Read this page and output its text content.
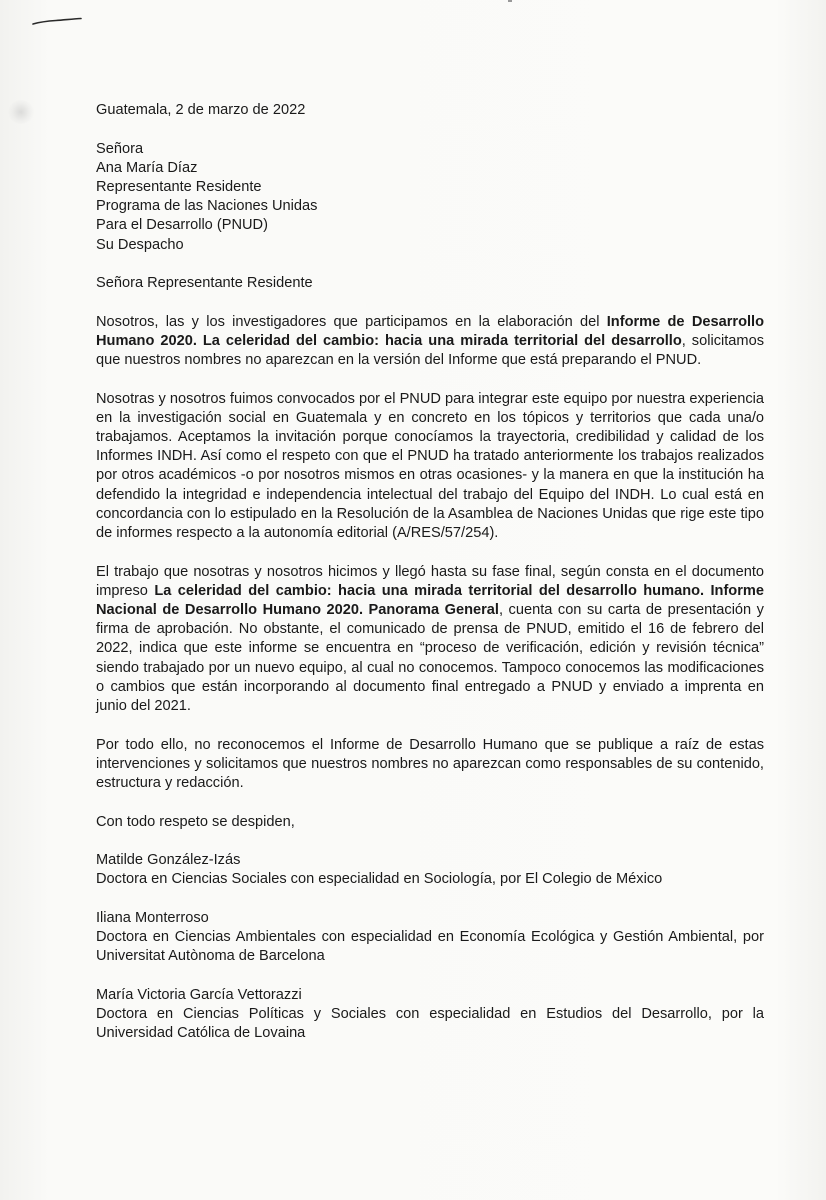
Guatemala, 2 de marzo de 2022
Señora
Ana María Díaz
Representante Residente
Programa de las Naciones Unidas
Para el Desarrollo (PNUD)
Su Despacho
Señora Representante Residente

Nosotros, las y los investigadores que participamos en la elaboración del Informe de Desarrollo Humano 2020. La celeridad del cambio: hacia una mirada territorial del desarrollo, solicitamos que nuestros nombres no aparezcan en la versión del Informe que está preparando el PNUD.

Nosotras y nosotros fuimos convocados por el PNUD para integrar este equipo por nuestra experiencia en la investigación social en Guatemala y en concreto en los tópicos y territorios que cada una/o trabajamos. Aceptamos la invitación porque conocíamos la trayectoria, credibilidad y calidad de los Informes INDH. Así como el respeto con que el PNUD ha tratado anteriormente los trabajos realizados por otros académicos -o por nosotros mismos en otras ocasiones- y la manera en que la institución ha defendido la integridad e independencia intelectual del trabajo del Equipo del INDH. Lo cual está en concordancia con lo estipulado en la Resolución de la Asamblea de Naciones Unidas que rige este tipo de informes respecto a la autonomía editorial (A/RES/57/254).

El trabajo que nosotras y nosotros hicimos y llegó hasta su fase final, según consta en el documento impreso La celeridad del cambio: hacia una mirada territorial del desarrollo humano. Informe Nacional de Desarrollo Humano 2020. Panorama General, cuenta con su carta de presentación y firma de aprobación. No obstante, el comunicado de prensa de PNUD, emitido el 16 de febrero del 2022, indica que este informe se encuentra en “proceso de verificación, edición y revisión técnica” siendo trabajado por un nuevo equipo, al cual no conocemos. Tampoco conocemos las modificaciones o cambios que están incorporando al documento final entregado a PNUD y enviado a imprenta en junio del 2021.

Por todo ello, no reconocemos el Informe de Desarrollo Humano que se publique a raíz de estas intervenciones y solicitamos que nuestros nombres no aparezcan como responsables de su contenido, estructura y redacción.

Con todo respeto se despiden,
Matilde González-Izás
Doctora en Ciencias Sociales con especialidad en Sociología, por El Colegio de México
Iliana Monterroso
Doctora en Ciencias Ambientales con especialidad en Economía Ecológica y Gestión Ambiental, por Universitat Autònoma de Barcelona
María Victoria García Vettorazzi
Doctora en Ciencias Políticas y Sociales con especialidad en Estudios del Desarrollo, por la Universidad Católica de Lovaina
